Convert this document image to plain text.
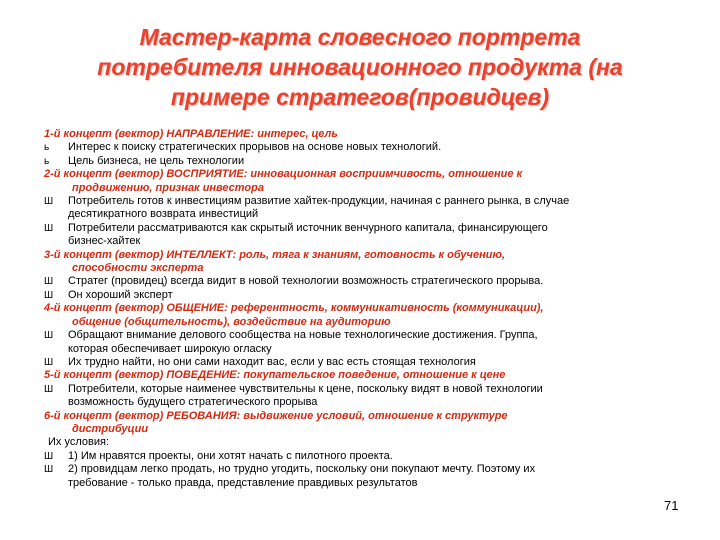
Мастер-карта словесного портрета
потребителя инновационного продукта (на
примере стратегов(провидцев)
1-й концепт (вектор) НАПРАВЛЕНИЕ: интерес, цель
ь	Интерес к поиску стратегических прорывов на основе новых технологий.
ь	Цель бизнеса, не цель технологии
2-й концепт (вектор) ВОСПРИЯТИЕ: инновационная восприимчивость, отношение к
продвижению, признак инвестора
Ш	Потребитель готов к инвестициям развитие хайтек-продукции, начиная с раннего рынка, в случае
десятикратного возврата инвестиций
Ш	Потребители рассматриваются как скрытый источник венчурного капитала, финансирующего
бизнес-хайтек
3-й концепт (вектор) ИНТЕЛЛЕКТ: роль, тяга к знаниям, готовность к обучению,
способности эксперта
Ш	Стратег (провидец) всегда видит в новой технологии возможность стратегического прорыва.
Ш	Он хороший эксперт
4-й концепт (вектор) ОБЩЕНИЕ: референтность, коммуникативность (коммуникации),
общение (общительность), воздействие на аудиторию
Ш	Обращают внимание делового сообщества на новые технологические достижения. Группа,
которая обеспечивает широкую огласку
Ш	Их трудно найти, но они сами находит вас, если у вас есть стоящая технология
5-й концепт (вектор) ПОВЕДЕНИЕ: покупательское поведение, отношение к цене
Ш	Потребители, которые наименее чувствительны к цене, поскольку видят в новой технологии
возможность будущего стратегического прорыва
6-й концепт (вектор) РЕБОВАНИЯ: выдвижение условий, отношение к структуре
дистрибуции
Их условия:
Ш	1) Им нравятся проекты, они хотят начать с пилотного проекта.
Ш	2) провидцам легко продать, но трудно угодить, поскольку они покупают мечту. Поэтому их
требование - только правда, представление правдивых результатов
71
